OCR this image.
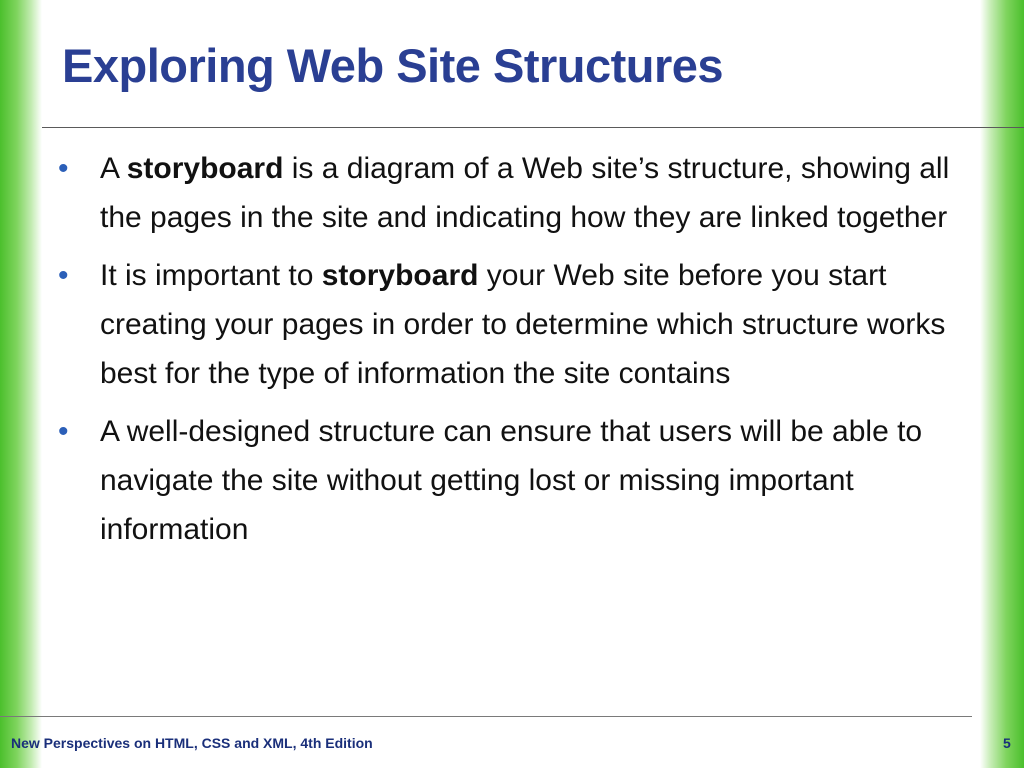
Exploring Web Site Structures
• A storyboard is a diagram of a Web site’s structure, showing all the pages in the site and indicating how they are linked together
• It is important to storyboard your Web site before you start creating your pages in order to determine which structure works best for the type of information the site contains
• A well-designed structure can ensure that users will be able to navigate the site without getting lost or missing important information
New Perspectives on HTML, CSS and XML, 4th Edition	5
